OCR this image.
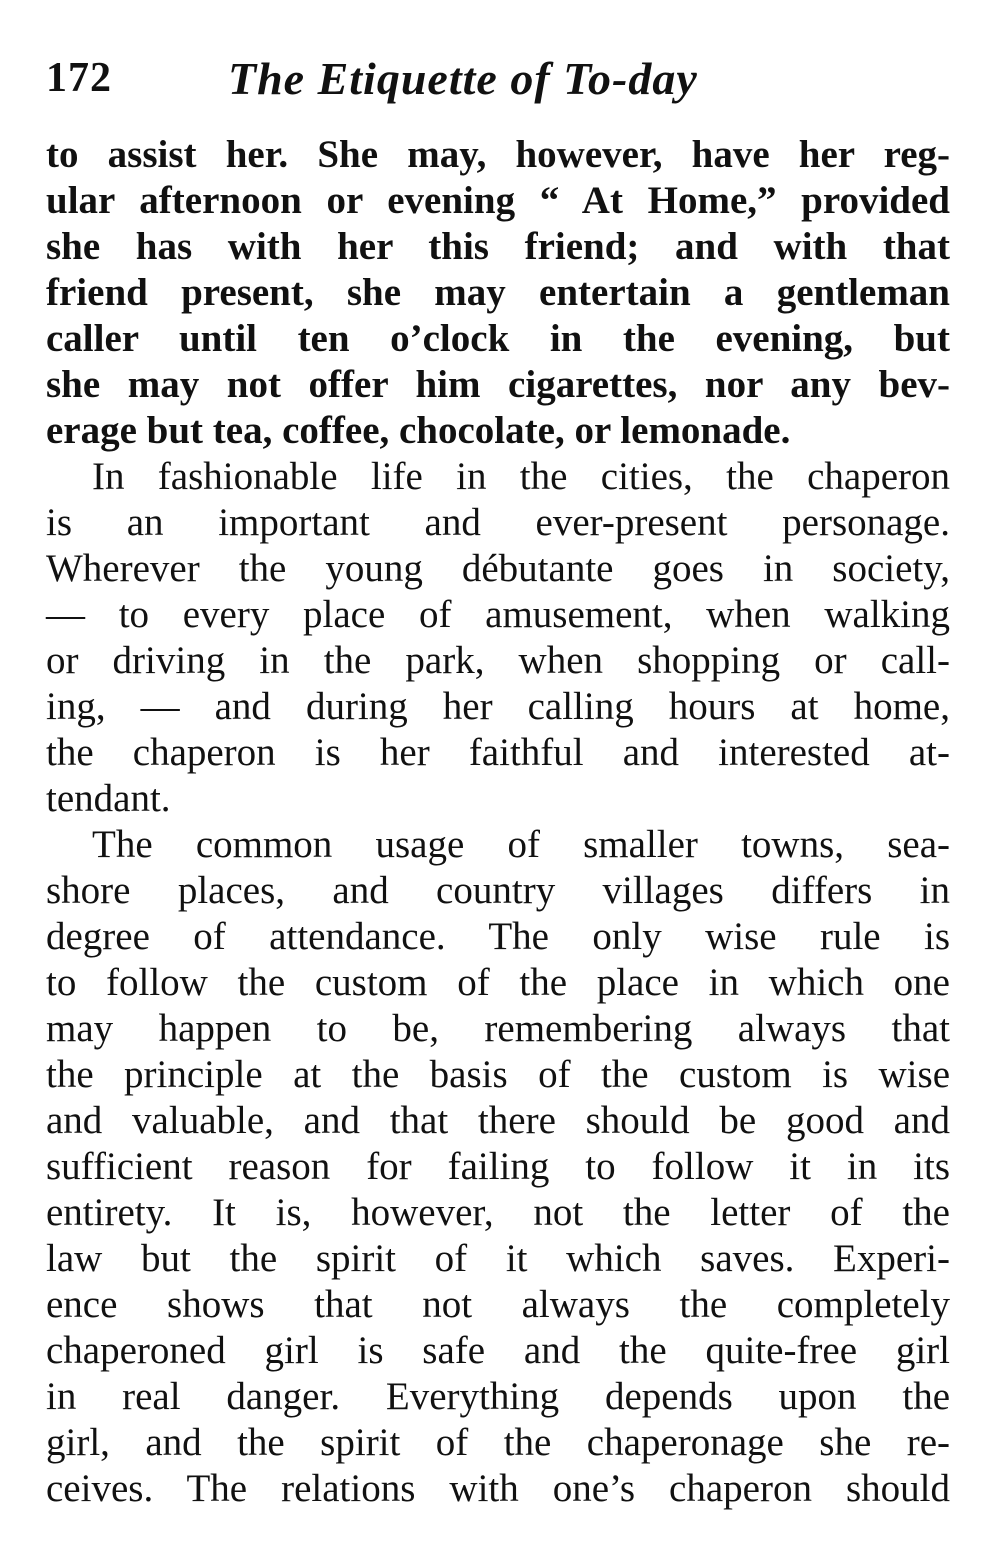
172	The Etiquette of To-day
to assist her. She may, however, have her reg-
ular afternoon or evening “ At Home,” provided
she has with her this friend; and with that
friend present, she may entertain a gentleman
caller until ten o’clock in the evening, but
she may not offer him cigarettes, nor any bev-
erage but tea, coffee, chocolate, or lemonade.
In fashionable life in the cities, the chaperon
is an important and ever-present personage.
Wherever the young débutante goes in society,
— to every place of amusement, when walking
or driving in the park, when shopping or call-
ing, — and during her calling hours at home,
the chaperon is her faithful and interested at-
tendant.
The common usage of smaller towns, sea-
shore places, and country villages differs in
degree of attendance. The only wise rule is
to follow the custom of the place in which one
may happen to be, remembering always that
the principle at the basis of the custom is wise
and valuable, and that there should be good and
sufficient reason for failing to follow it in its
entirety. It is, however, not the letter of the
law but the spirit of it which saves. Experi-
ence shows that not always the completely
chaperoned girl is safe and the quite-free girl
in real danger. Everything depends upon the
girl, and the spirit of the chaperonage she re-
ceives. The relations with one’s chaperon should
